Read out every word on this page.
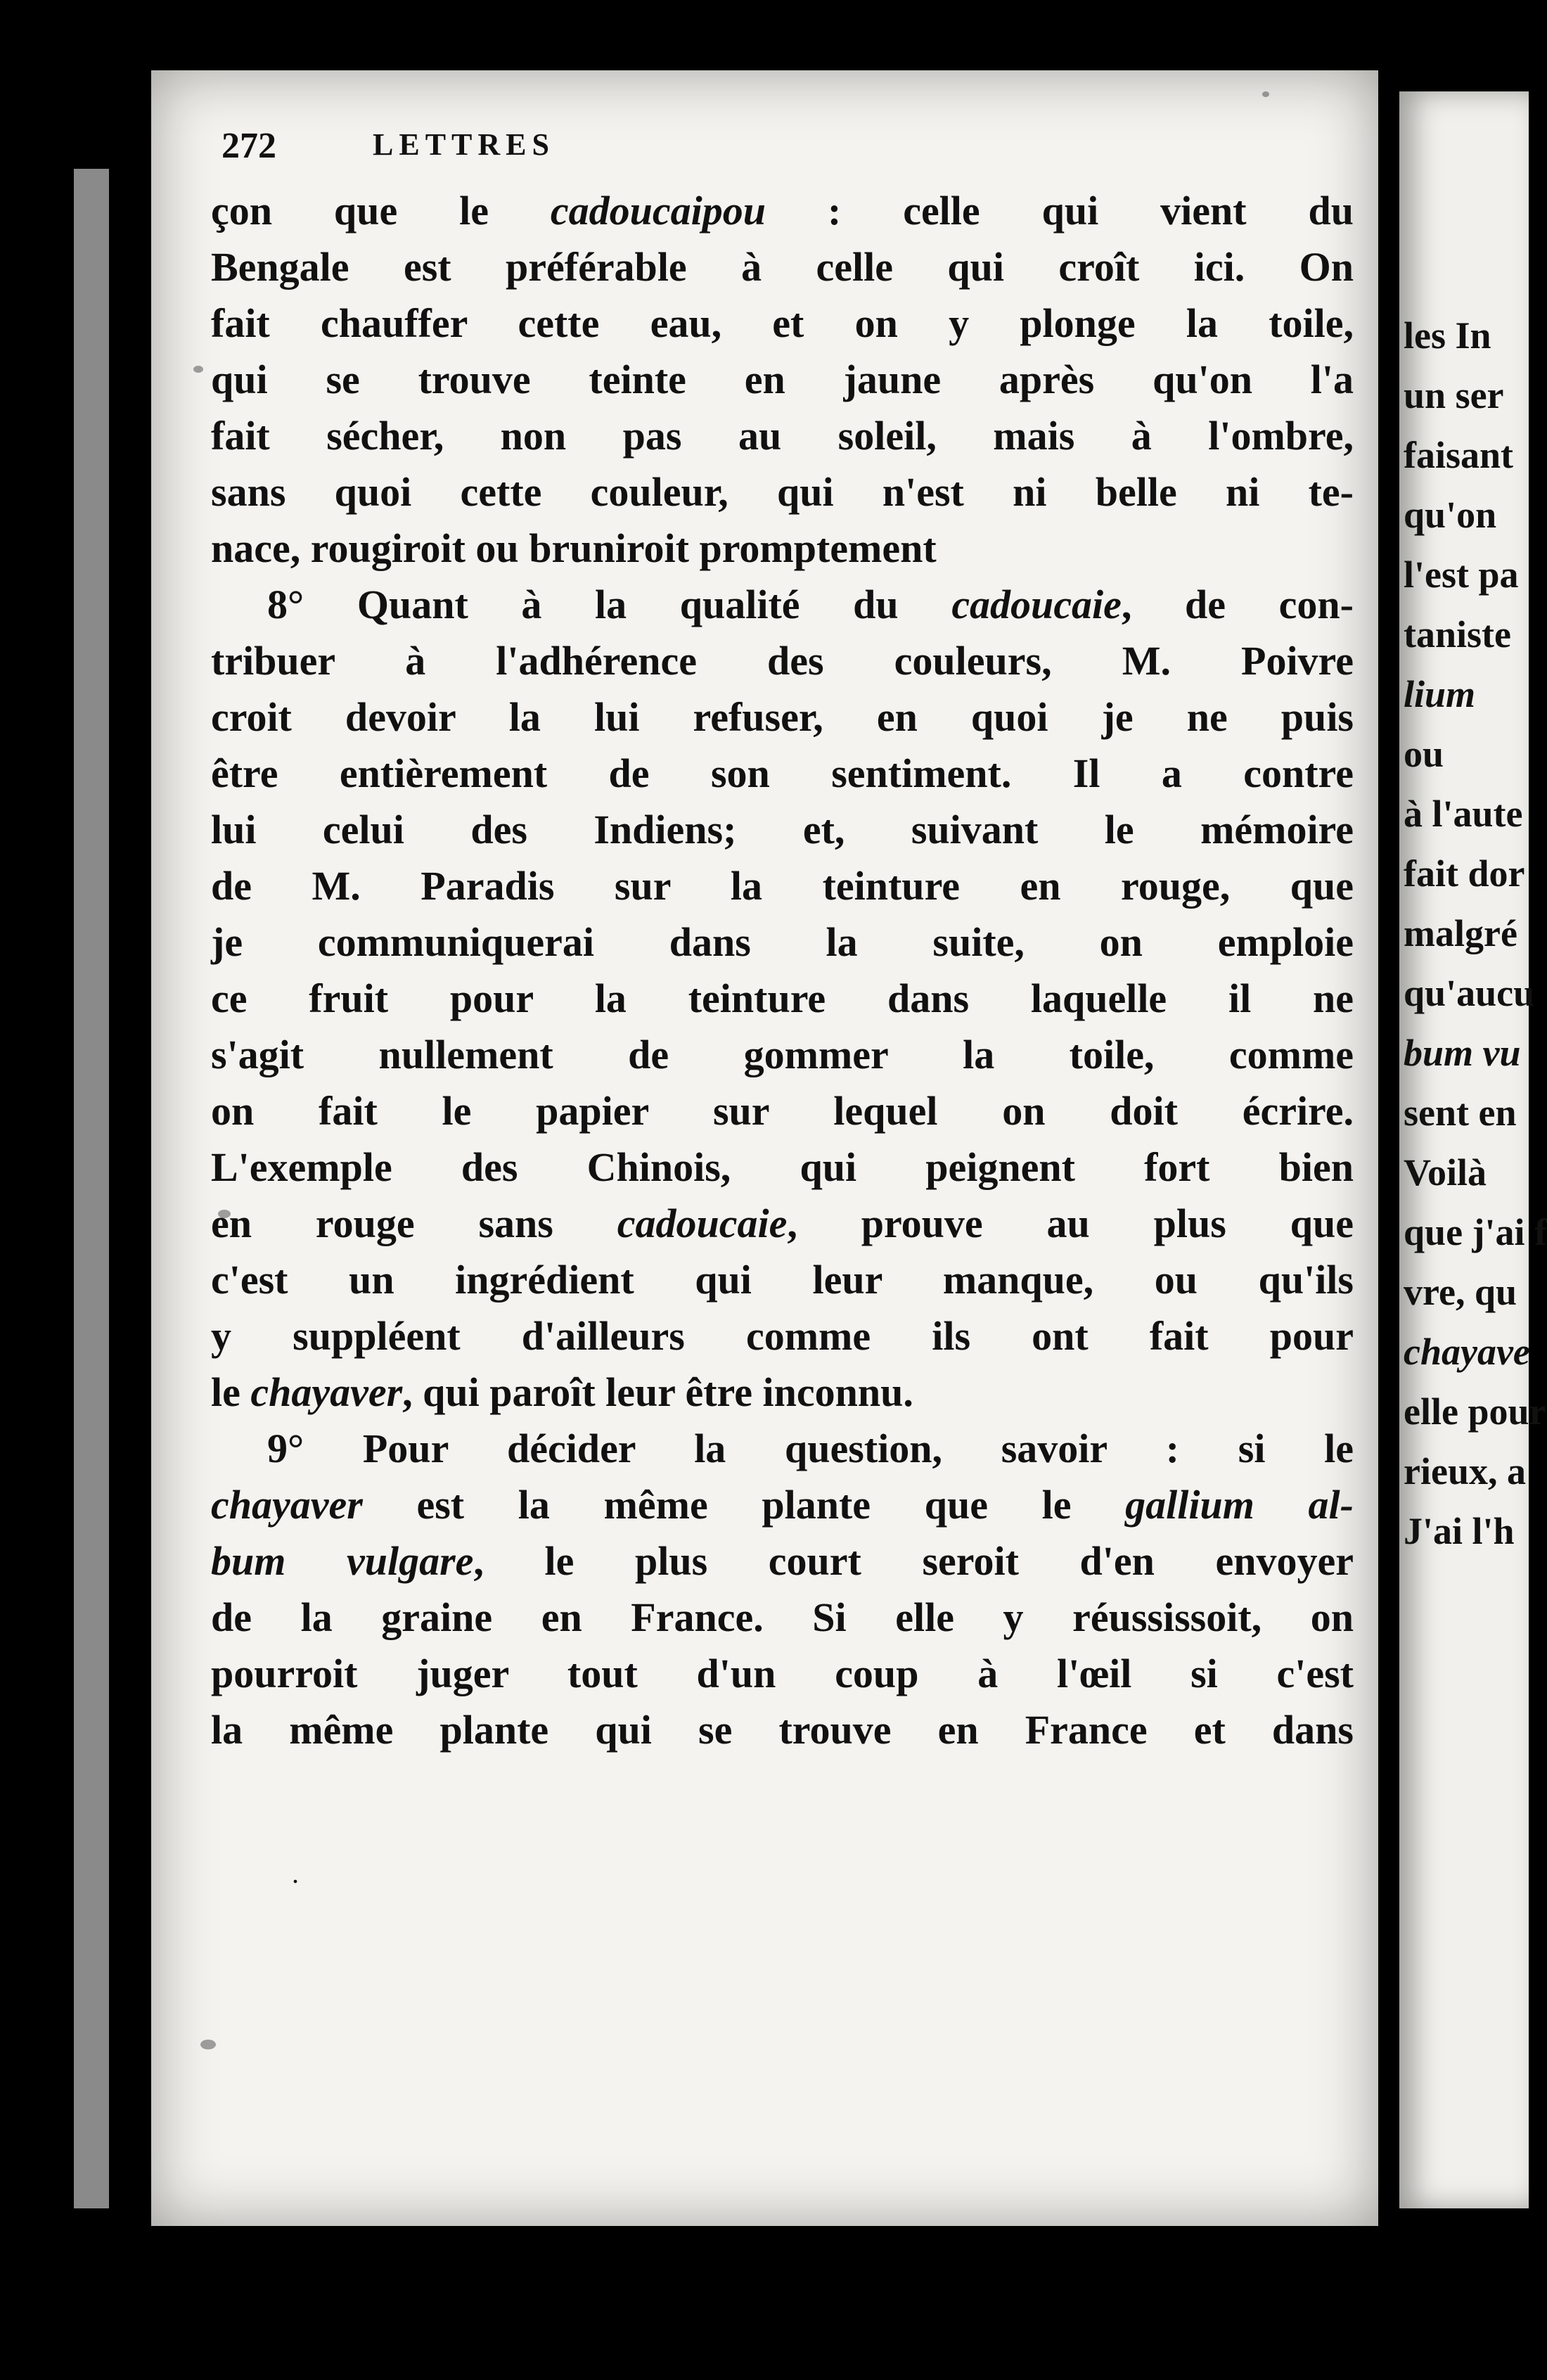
272	LETTRES
çon que le cadoucaipou : celle qui vient du
Bengale est préférable à celle qui croît ici. On
fait chauffer cette eau, et on y plonge la toile,
qui se trouve teinte en jaune après qu'on l'a
fait sécher, non pas au soleil, mais à l'ombre,
sans quoi cette couleur, qui n'est ni belle ni te-
nace, rougiroit ou bruniroit promptement
8° Quant à la qualité du cadoucaie, de con-
tribuer à l'adhérence des couleurs, M. Poivre
croit devoir la lui refuser, en quoi je ne puis
être entièrement de son sentiment. Il a contre
lui celui des Indiens; et, suivant le mémoire
de M. Paradis sur la teinture en rouge, que
je communiquerai dans la suite, on emploie
ce fruit pour la teinture dans laquelle il ne
s'agit nullement de gommer la toile, comme
on fait le papier sur lequel on doit écrire.
L'exemple des Chinois, qui peignent fort bien
en rouge sans cadoucaie, prouve au plus que
c'est un ingrédient qui leur manque, ou qu'ils
y suppléent d'ailleurs comme ils ont fait pour
le chayaver, qui paroît leur être inconnu.
9° Pour décider la question, savoir : si le
chayaver est la même plante que le gallium al-
bum vulgare, le plus court seroit d'en envoyer
de la graine en France. Si elle y réussissoit, on
pourroit juger tout d'un coup à l'œil si c'est
la même plante qui se trouve en France et dans
.
les In
un ser
faisant
qu'on
l'est pa
taniste
lium
ou
à l'aute
fait dor
malgré
qu'aucu
bum vu
sent en
Voilà
que j'ai f
vre, qu
chayave
elle pour
rieux, a
J'ai l'h
